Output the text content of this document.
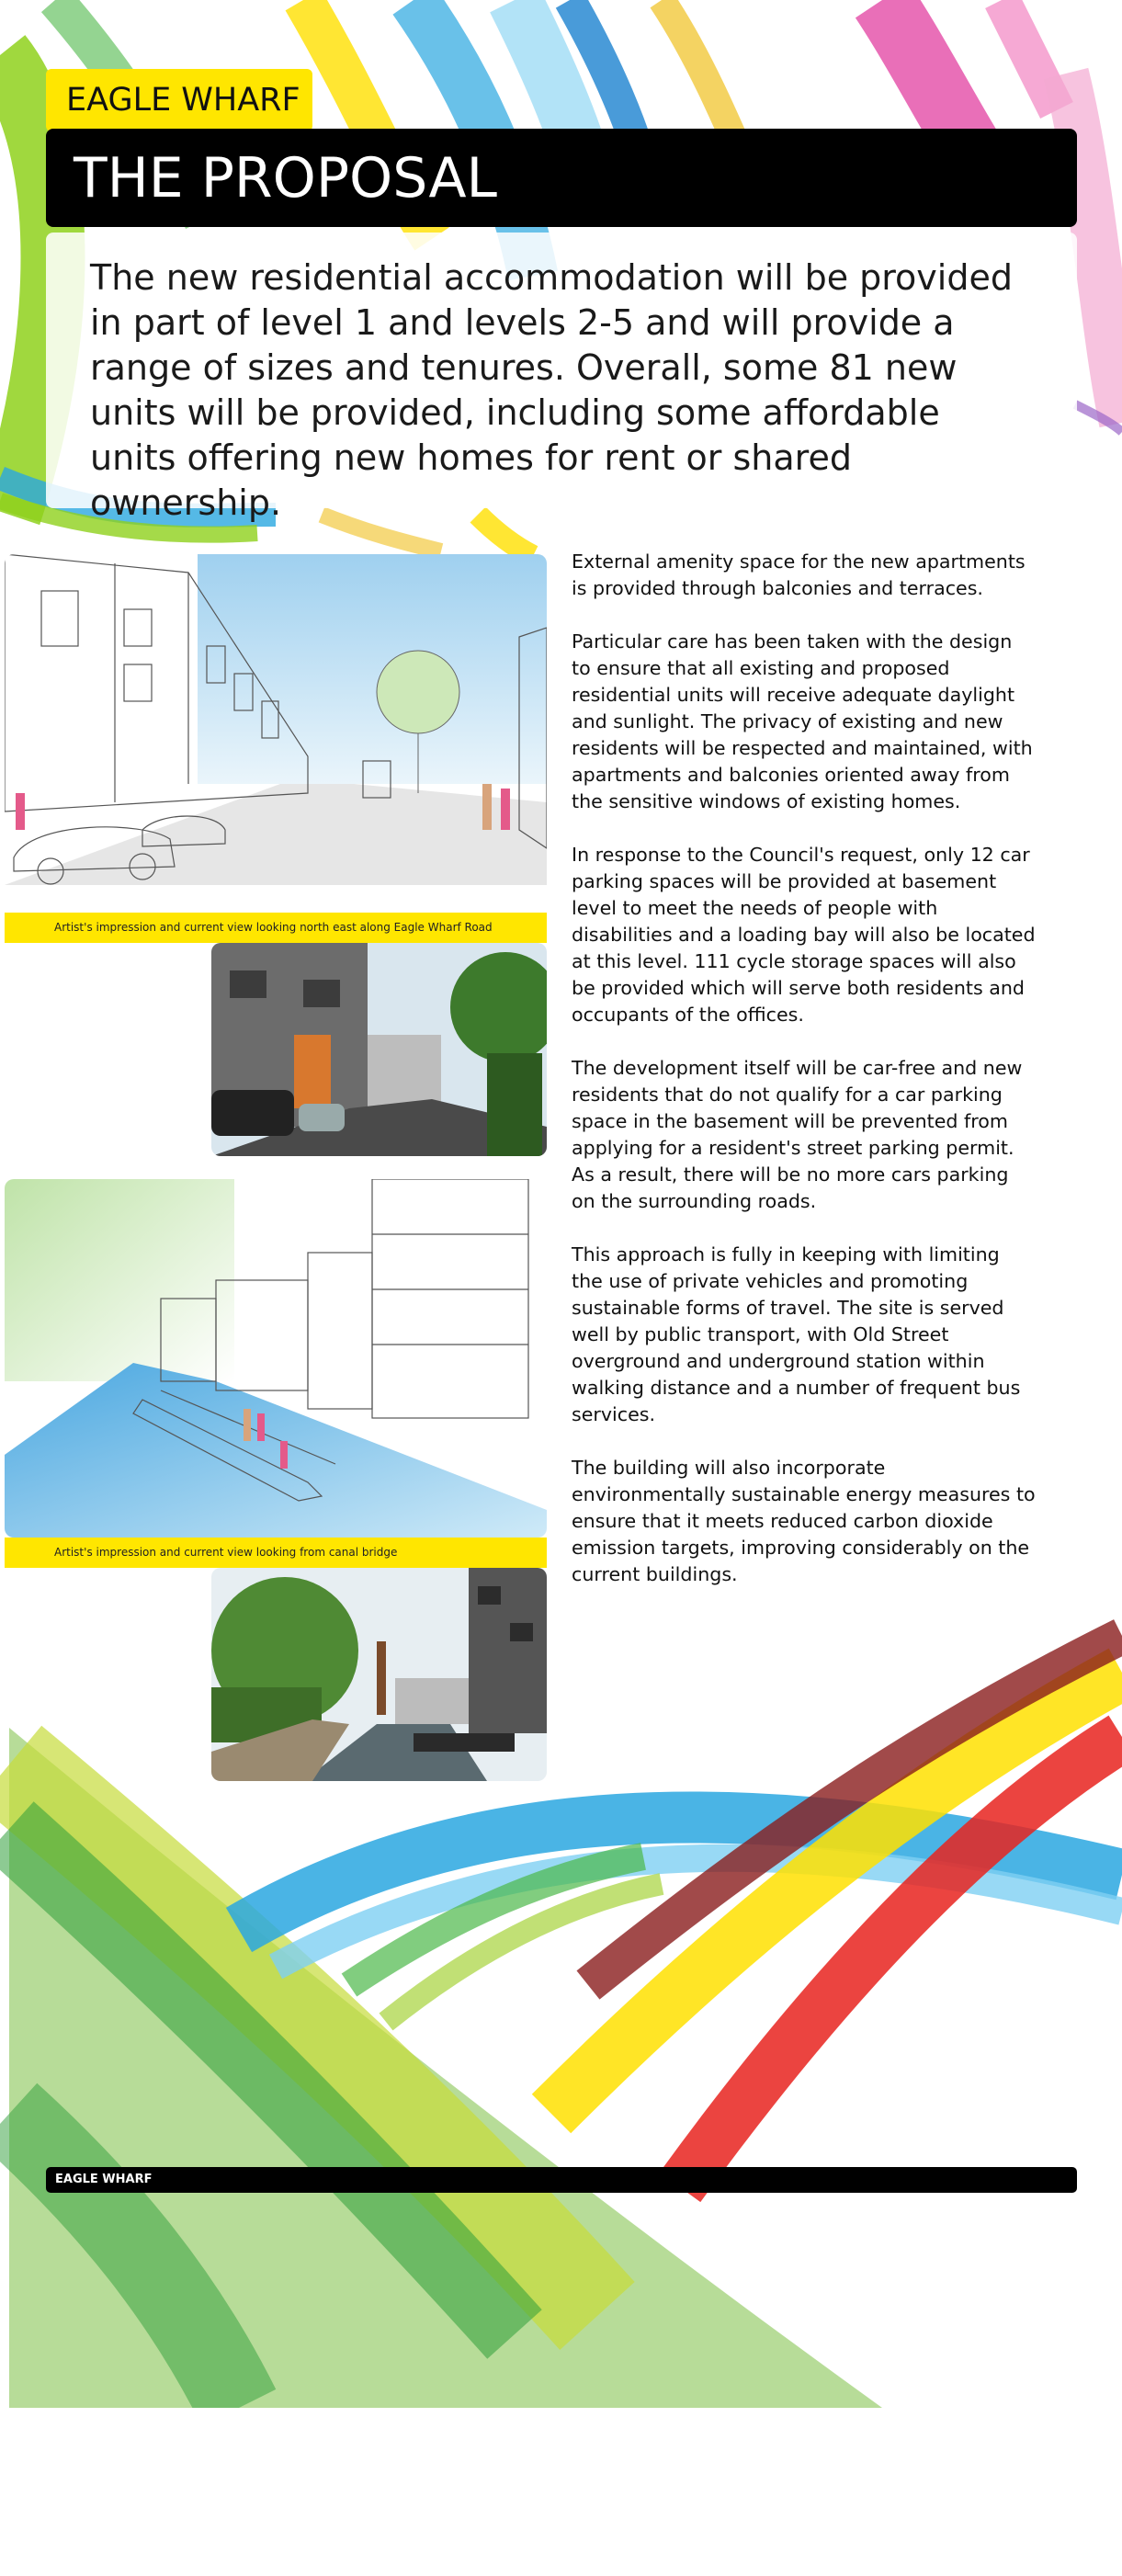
EAGLE WHARF
THE PROPOSAL

The new residential accommodation will be provided in part of level 1 and levels 2-5 and will provide a range of sizes and tenures. Overall, some 81 new units will be provided, including some affordable units offering new homes for rent or shared ownership.

Artist's impression and current view looking north east along Eagle Wharf Road
Artist's impression and current view looking from canal bridge

External amenity space for the new apartments is provided through balconies and terraces.

Particular care has been taken with the design to ensure that all existing and proposed residential units will receive adequate daylight and sunlight. The privacy of existing and new residents will be respected and maintained, with apartments and balconies oriented away from the sensitive windows of existing homes.

In response to the Council's request, only 12 car parking spaces will be provided at basement level to meet the needs of people with disabilities and a loading bay will also be located at this level. 111 cycle storage spaces will also be provided which will serve both residents and occupants of the offices.

The development itself will be car-free and new residents that do not qualify for a car parking space in the basement will be prevented from applying for a resident's street parking permit. As a result, there will be no more cars parking on the surrounding roads.

This approach is fully in keeping with limiting the use of private vehicles and promoting sustainable forms of travel. The site is served well by public transport, with Old Street overground and underground station within walking distance and a number of frequent bus services.

The building will also incorporate environmentally sustainable energy measures to ensure that it meets reduced carbon dioxide emission targets, improving considerably on the current buildings.

EAGLE WHARF
